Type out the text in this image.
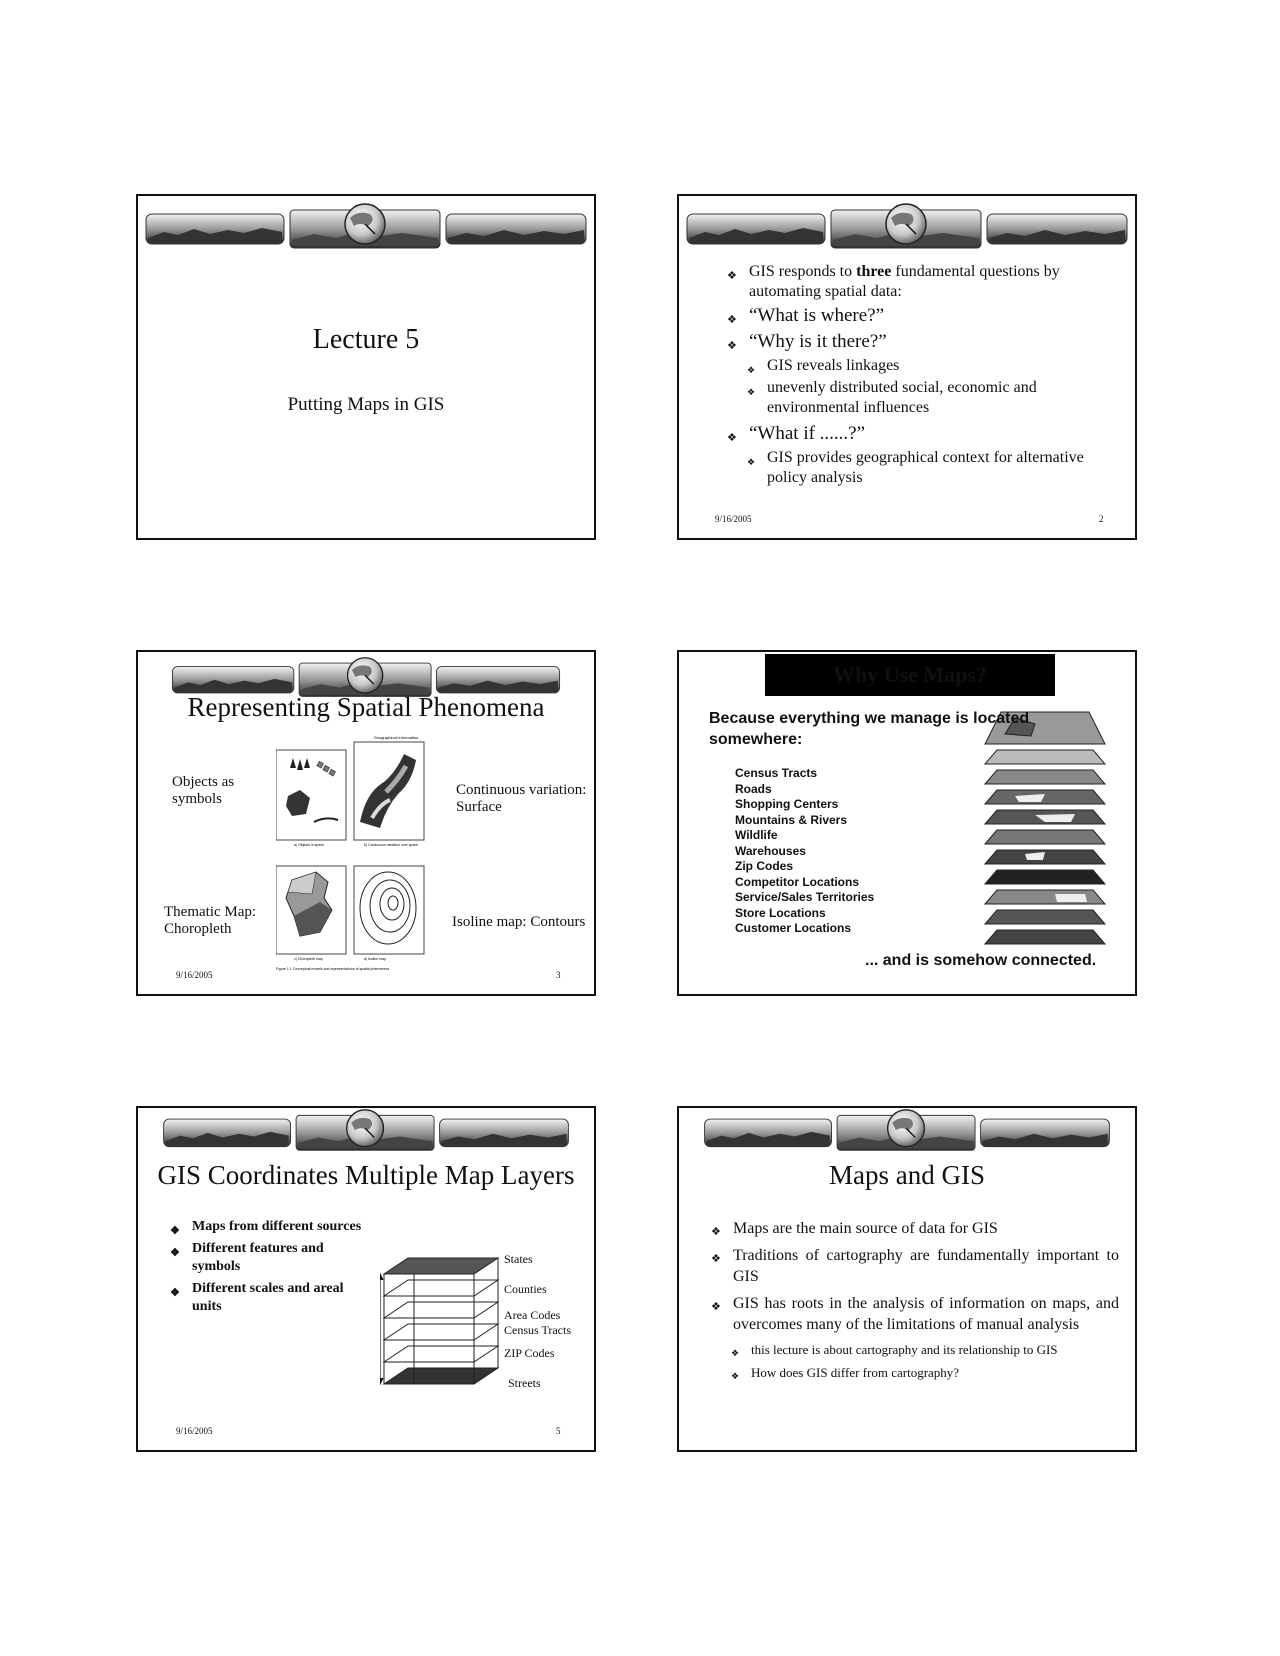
Lecture 5
Putting Maps in GIS
❖ GIS responds to three fundamental questions by automating spatial data:
❖ “What is where?”
❖ “Why is it there?”
❖ GIS reveals linkages
❖ unevenly distributed social, economic and environmental influences
❖ “What if ......?”
❖ GIS provides geographical context for alternative policy analysis
9/16/2005	2
Representing Spatial Phenomena
Objects as symbols
Continuous variation: Surface
Thematic Map: Choropleth	Isoline map: Contours
Geographical information
a) Objects in space	b) Continuous variation over space
c) Choropleth map	d) Isoline map
Figure 1.1 Conceptual models and representations of spatial phenomena
9/16/2005	3
Why Use Maps?
Because everything we manage is located somewhere:
Census Tracts
Roads
Shopping Centers
Mountains & Rivers
Wildlife
Warehouses
Zip Codes
Competitor Locations
Service/Sales Territories
Store Locations
Customer Locations
... and is somehow connected.
GIS Coordinates Multiple Map Layers
❖ Maps from different sources
❖ Different features and symbols
❖ Different scales and areal units
States
Counties
Area Codes
Census Tracts
ZIP Codes
Streets
9/16/2005	5
Maps and GIS
❖ Maps are the main source of data for GIS
❖ Traditions of cartography are fundamentally important to GIS
❖ GIS has roots in the analysis of information on maps, and overcomes many of the limitations of manual analysis
❖ this lecture is about cartography and its relationship to GIS
❖ How does GIS differ from cartography?
